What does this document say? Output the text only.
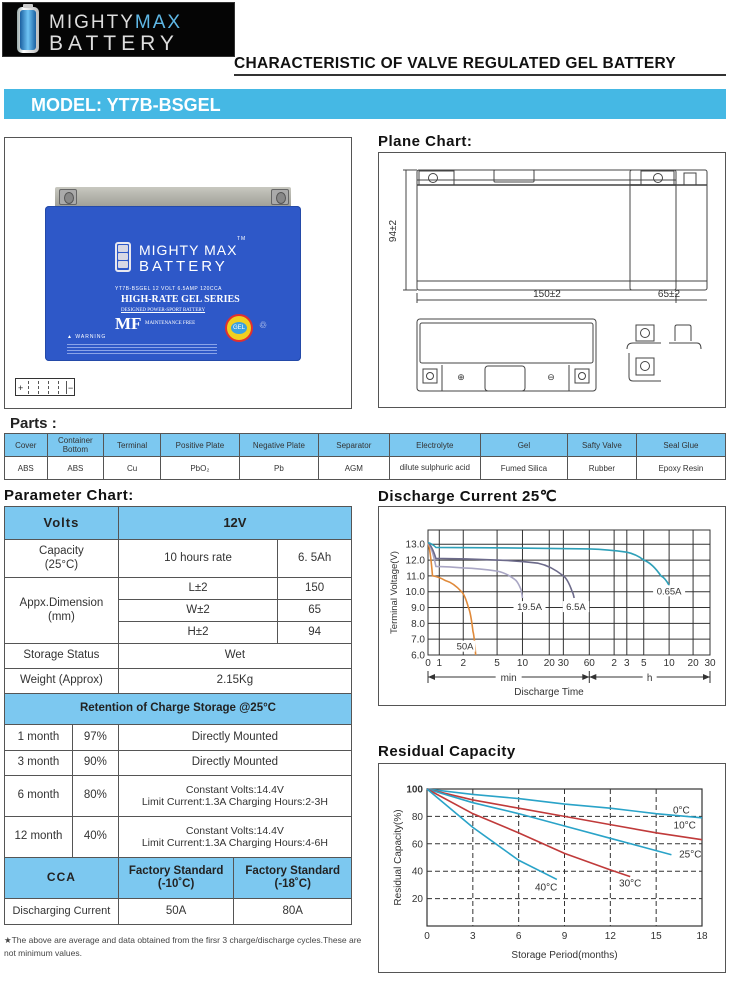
MIGHTYMAX
BATTERY
CHARACTERISTIC OF VALVE REGULATED GEL BATTERY
MODEL: YT7B-BSGEL
MIGHTY MAX
BATTERY
TM
YT7B-BSGEL 12 VOLT 6.5AMP 120CCA
HIGH-RATE GEL SERIES
DESIGNED POWER-SPORT BATTERY
MF MAINTENANCE FREE
▲ WARNING
GEL ♲
+	−
Plane Chart:
94±2
150±2	65±2
⊕	⊖
Parts :
Cover	Container Bottom	Terminal	Positive Plate	Negative Plate	Separator	Electrolyte	Gel	Safty Valve	Seal Glue
ABS	ABS	Cu	PbO₂	Pb	AGM	dilute sulphuric acid	Fumed Silica	Rubber	Epoxy Resin
Parameter Chart:
Volts		12V		
Capacity (25°C)		10 hours rate		6. 5Ah
Appx.Dimension (mm)		L±2		150
		W±2		65
		H±2		94
Storage Status		Wet		
Weight (Approx)		2.15Kg		
Retention of Charge Storage @25°C				
1 month	97%	Directly Mounted		
3 month	90%	Directly Mounted		
6 month	80%	Constant Volts:14.4V
Limit Current:1.3A Charging Hours:2-3H		

12 month	40%	Constant Volts:14.4V
Limit Current:1.3A Charging Hours:4-6H		

CCA		Factory Standard (-10˚C)	Factory Standard (-18˚C)	
Discharging Current		50A	80A	
★The above are average and data obtained from the firsr 3 charge/discharge cycles.These are not minimum values.
Discharge Current 25℃
13.0
12.0
11.0
10.0
9.0
8.0
7.0
6.0
0 1 2	5 10 20 30 60 2 3 5 10 20 30
Terminal Voltage(V)
min	h
Discharge Time
50A
19.5A	6.5A
0.65A
Residual Capacity
0	3	6	9	12	15	18
20
40
60
80
100
Residual Capacity(%)
Storage Period(months)
0°C
10°C
25°C
30°C
40°C
